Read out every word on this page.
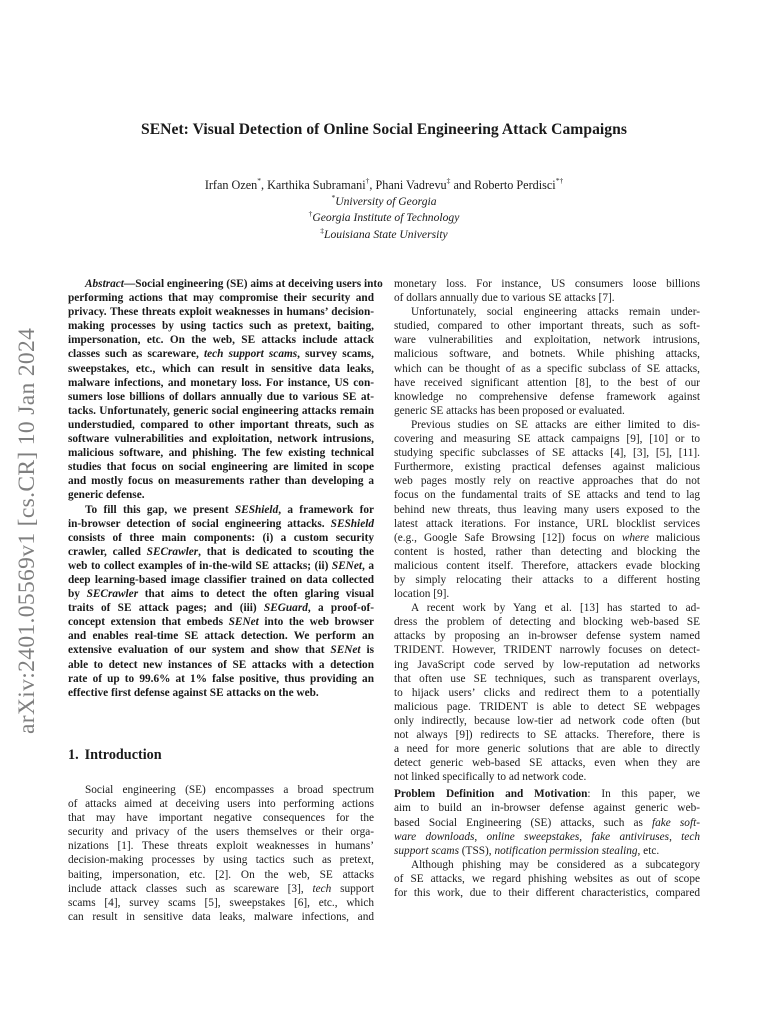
arXiv:2401.05569v1 [cs.CR] 10 Jan 2024
SENet: Visual Detection of Online Social Engineering Attack Campaigns
Irfan Ozen*, Karthika Subramani†, Phani Vadrevu‡ and Roberto Perdisci*†
*University of Georgia
†Georgia Institute of Technology
‡Louisiana State University
Abstract—Social engineering (SE) aims at deceiving users into
performing actions that may compromise their security and
privacy. These threats exploit weaknesses in humans’ decision-
making processes by using tactics such as pretext, baiting,
impersonation, etc. On the web, SE attacks include attack
classes such as scareware, tech support scams, survey scams,
sweepstakes, etc., which can result in sensitive data leaks,
malware infections, and monetary loss. For instance, US con-
sumers lose billions of dollars annually due to various SE at-
tacks. Unfortunately, generic social engineering attacks remain
understudied, compared to other important threats, such as
software vulnerabilities and exploitation, network intrusions,
malicious software, and phishing. The few existing technical
studies that focus on social engineering are limited in scope
and mostly focus on measurements rather than developing a
generic defense.
To fill this gap, we present SEShield, a framework for
in-browser detection of social engineering attacks. SEShield
consists of three main components: (i) a custom security
crawler, called SECrawler, that is dedicated to scouting the
web to collect examples of in-the-wild SE attacks; (ii) SENet, a
deep learning-based image classifier trained on data collected
by SECrawler that aims to detect the often glaring visual
traits of SE attack pages; and (iii) SEGuard, a proof-of-
concept extension that embeds SENet into the web browser
and enables real-time SE attack detection. We perform an
extensive evaluation of our system and show that SENet is
able to detect new instances of SE attacks with a detection
rate of up to 99.6% at 1% false positive, thus providing an
effective first defense against SE attacks on the web.
1. Introduction
Social engineering (SE) encompasses a broad spectrum
of attacks aimed at deceiving users into performing actions
that may have important negative consequences for the
security and privacy of the users themselves or their orga-
nizations [1]. These threats exploit weaknesses in humans’
decision-making processes by using tactics such as pretext,
baiting, impersonation, etc. [2]. On the web, SE attacks
include attack classes such as scareware [3], tech support
scams [4], survey scams [5], sweepstakes [6], etc., which
can result in sensitive data leaks, malware infections, and
monetary loss. For instance, US consumers loose billions
of dollars annually due to various SE attacks [7].
Unfortunately, social engineering attacks remain under-
studied, compared to other important threats, such as soft-
ware vulnerabilities and exploitation, network intrusions,
malicious software, and botnets. While phishing attacks,
which can be thought of as a specific subclass of SE attacks,
have received significant attention [8], to the best of our
knowledge no comprehensive defense framework against
generic SE attacks has been proposed or evaluated.
Previous studies on SE attacks are either limited to dis-
covering and measuring SE attack campaigns [9], [10] or to
studying specific subclasses of SE attacks [4], [3], [5], [11].
Furthermore, existing practical defenses against malicious
web pages mostly rely on reactive approaches that do not
focus on the fundamental traits of SE attacks and tend to lag
behind new threats, thus leaving many users exposed to the
latest attack iterations. For instance, URL blocklist services
(e.g., Google Safe Browsing [12]) focus on where malicious
content is hosted, rather than detecting and blocking the
malicious content itself. Therefore, attackers evade blocking
by simply relocating their attacks to a different hosting
location [9].
A recent work by Yang et al. [13] has started to ad-
dress the problem of detecting and blocking web-based SE
attacks by proposing an in-browser defense system named
TRIDENT. However, TRIDENT narrowly focuses on detect-
ing JavaScript code served by low-reputation ad networks
that often use SE techniques, such as transparent overlays,
to hijack users’ clicks and redirect them to a potentially
malicious page. TRIDENT is able to detect SE webpages
only indirectly, because low-tier ad network code often (but
not always [9]) redirects to SE attacks. Therefore, there is
a need for more generic solutions that are able to directly
detect generic web-based SE attacks, even when they are
not linked specifically to ad network code.
Problem Definition and Motivation: In this paper, we
aim to build an in-browser defense against generic web-
based Social Engineering (SE) attacks, such as fake soft-
ware downloads, online sweepstakes, fake antiviruses, tech
support scams (TSS), notification permission stealing, etc.
Although phishing may be considered as a subcategory
of SE attacks, we regard phishing websites as out of scope
for this work, due to their different characteristics, compared
